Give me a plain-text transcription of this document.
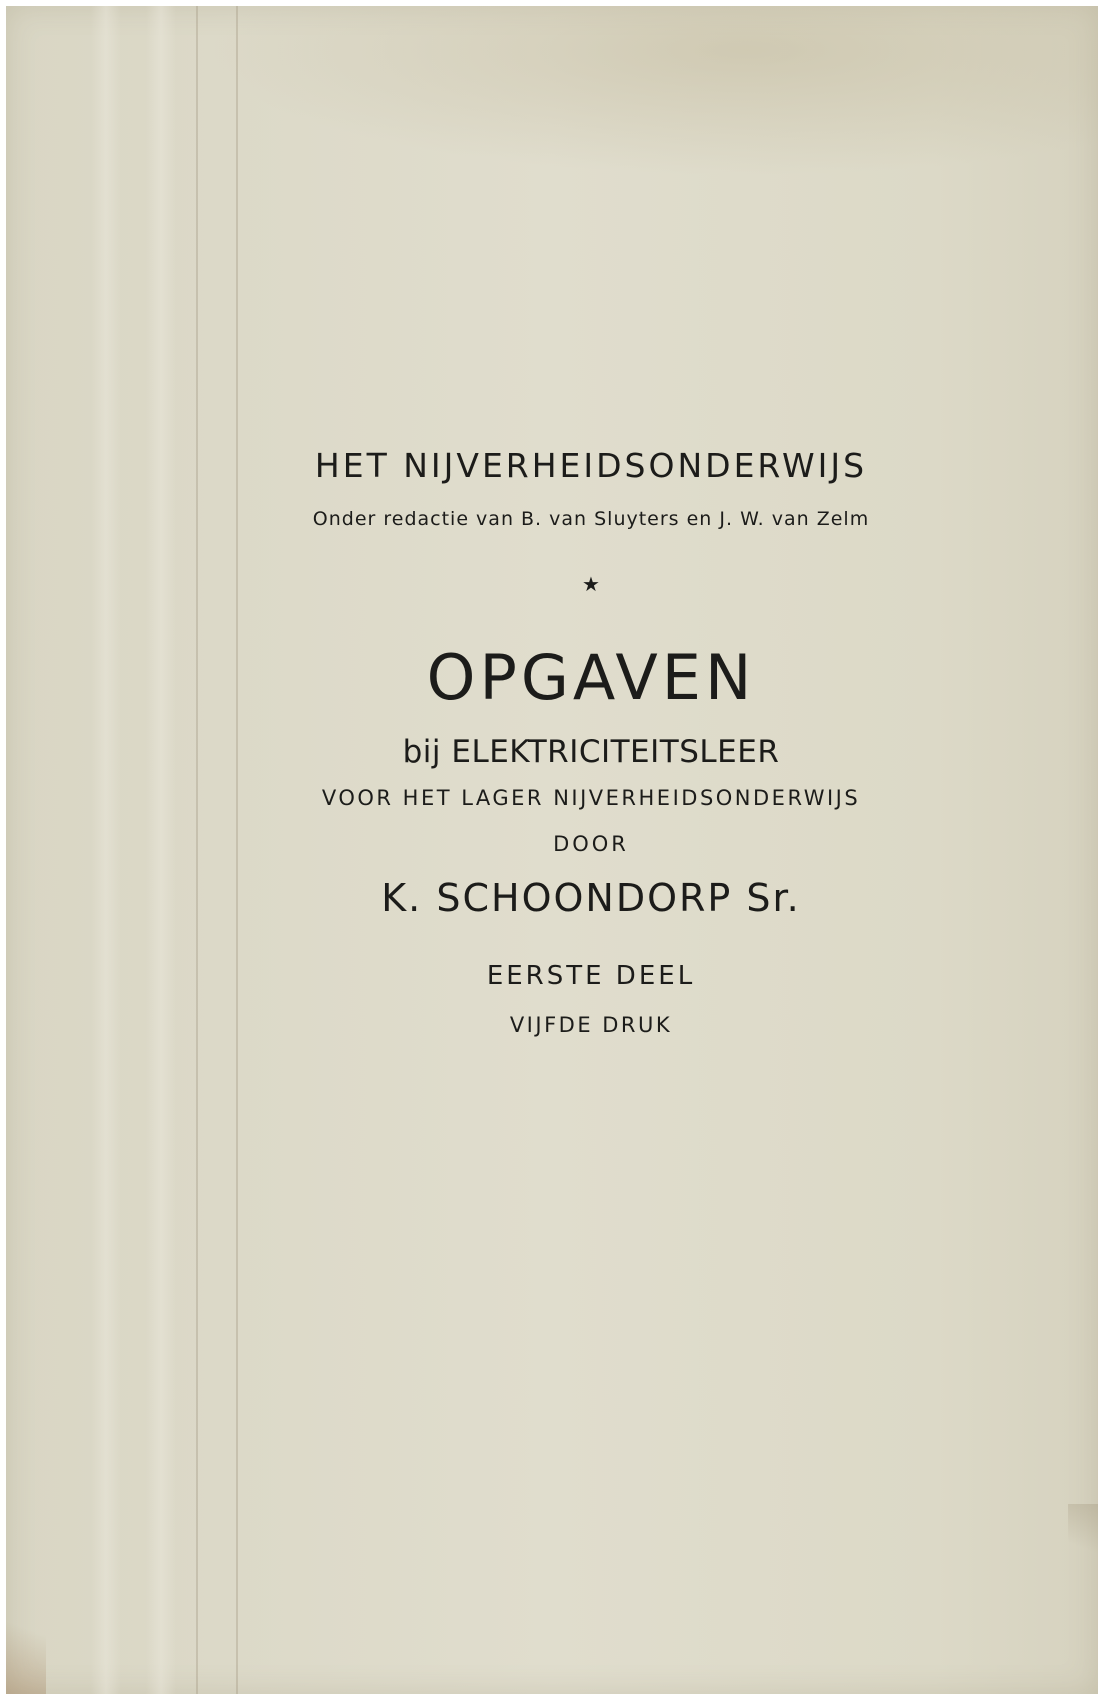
HET NIJVERHEIDSONDERWIJS
Onder redactie van B. van Sluyters en J. W. van Zelm
★
OPGAVEN
bij ELEKTRICITEITSLEER
VOOR HET LAGER NIJVERHEIDSONDERWIJS
DOOR
K. SCHOONDORP Sr.
EERSTE DEEL
VIJFDE DRUK
